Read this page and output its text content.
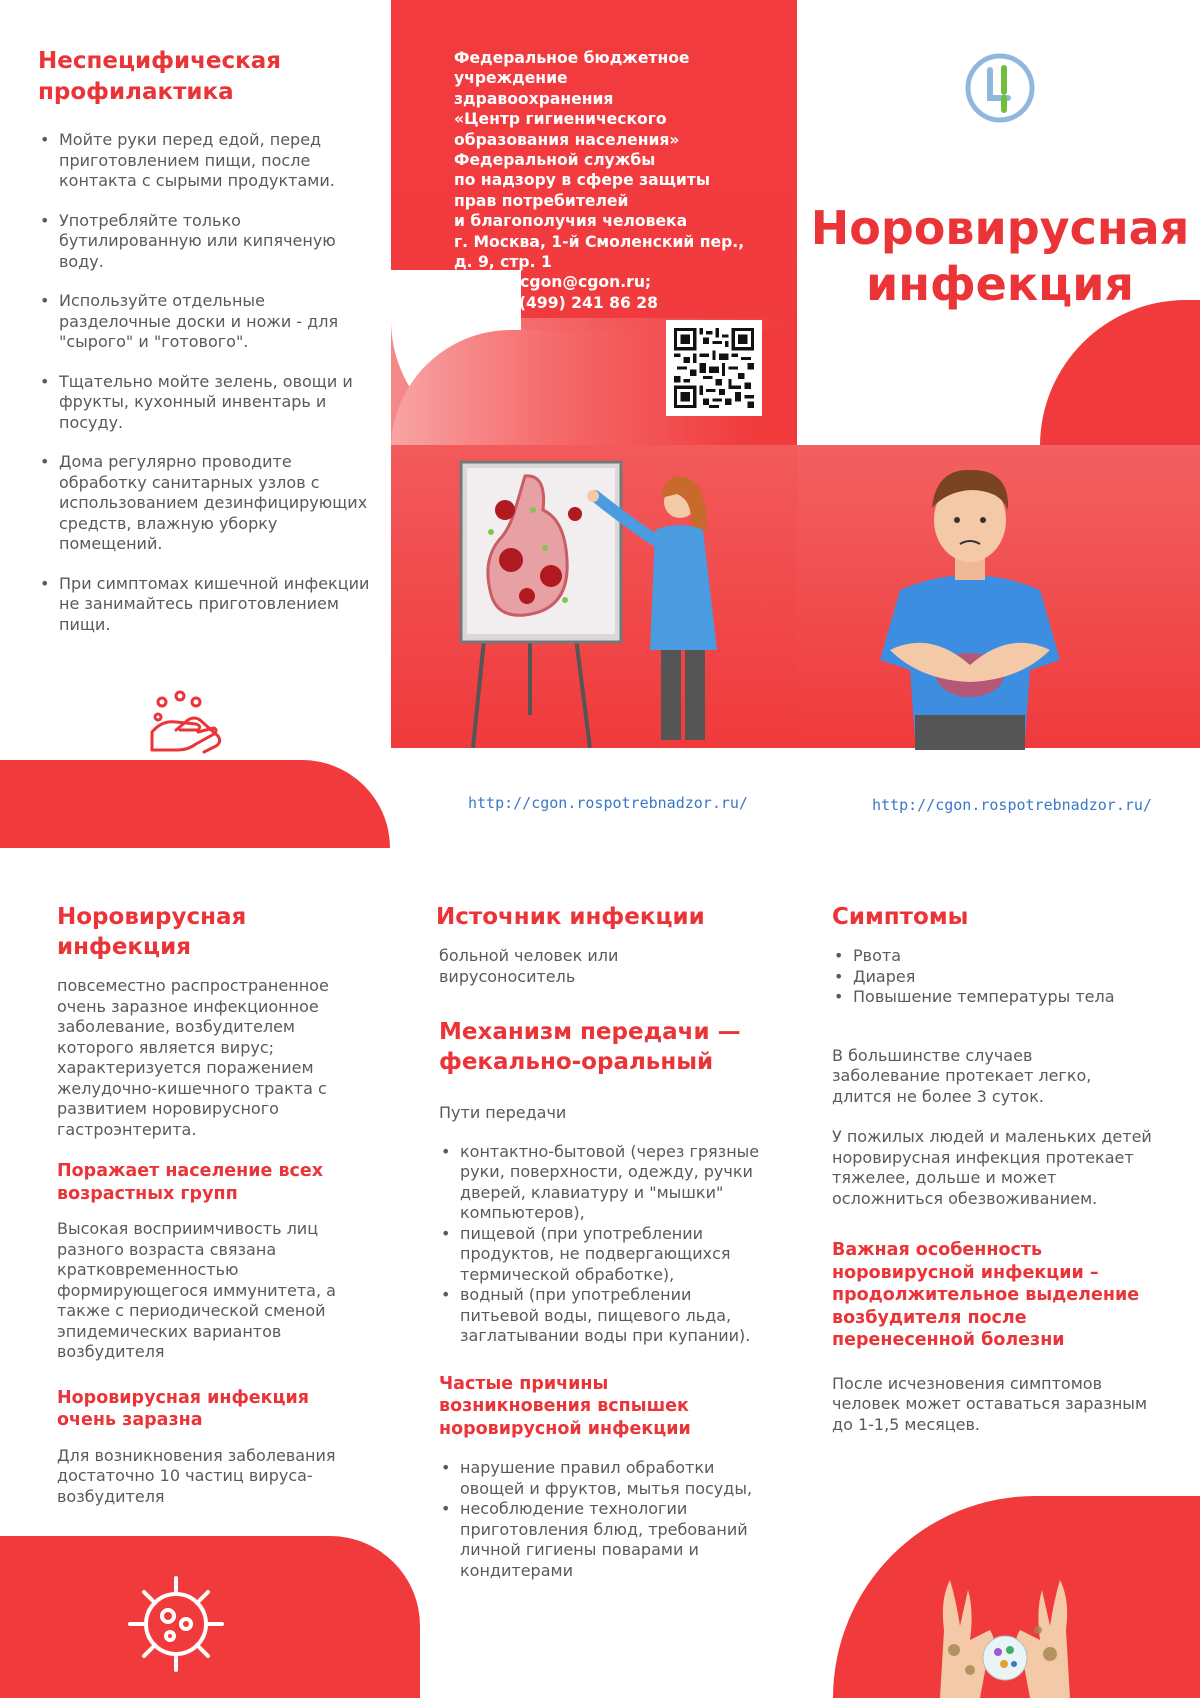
Неспецифическая профилактика
• Мойте руки перед едой, перед приготовлением пищи, после контакта с сырыми продуктами.
• Употребляйте только бутилированную или кипяченую воду.
• Используйте отдельные разделочные доски и ножи - для "сырого" и "готового".
• Тщательно мойте зелень, овощи и фрукты, кухонный инвентарь и посуду.
• Дома регулярно проводите обработку санитарных узлов с использованием дезинфицирующих средств, влажную уборку помещений.
• При симптомах кишечной инфекции не занимайтесь приготовлением пищи.
Федеральное бюджетное
учреждение
здравоохранения
«Центр гигиенического
образования населения»
Федеральной службы
по надзору в сфере защиты
прав потребителей
и благополучия человека
г. Москва, 1-й Смоленский пер.,
д. 9, стр. 1
e-mail: cgon@cgon.ru;
тел.: 8 (499) 241 86 28
Норовирусная
инфекция
http://cgon.rospotrebnadzor.ru/	http://cgon.rospotrebnadzor.ru/
Норовирусная инфекция

повсеместно распространенное очень заразное инфекционное заболевание, возбудителем которого является вирус; характеризуется поражением желудочно-кишечного тракта с развитием норовирусного гастроэнтерита.

Поражает население всех возрастных групп

Высокая восприимчивость лиц разного возраста связана кратковременностью формирующегося иммунитета, а также с периодической сменой эпидемических вариантов возбудителя

Норовирусная инфекция очень заразна

Для возникновения заболевания достаточно 10 частиц вируса-возбудителя

Источник инфекции

больной человек или вирусоноситель

Механизм передачи — фекально-оральный

Пути передачи

• контактно-бытовой (через грязные руки, поверхности, одежду, ручки дверей, клавиатуру и "мышки" компьютеров),
• пищевой (при употреблении продуктов, не подвергающихся термической обработке),
• водный (при употреблении питьевой воды, пищевого льда, заглатывании воды при купании).
Частые причины возникновения вспышек норовирусной инфекции
• нарушение правил обработки овощей и фруктов, мытья посуды,
• несоблюдение технологии приготовления блюд, требований личной гигиены поварами и кондитерами
Симптомы
• Рвота
• Диарея
• Повышение температуры тела

В большинстве случаев заболевание протекает легко, длится не более 3 суток.

У пожилых людей и маленьких детей норовирусная инфекция протекает тяжелее, дольше и может осложниться обезвоживанием.

Важная особенность норовирусной инфекции – продолжительное выделение возбудителя после перенесенной болезни

После исчезновения симптомов человек может оставаться заразным до 1-1,5 месяцев.
